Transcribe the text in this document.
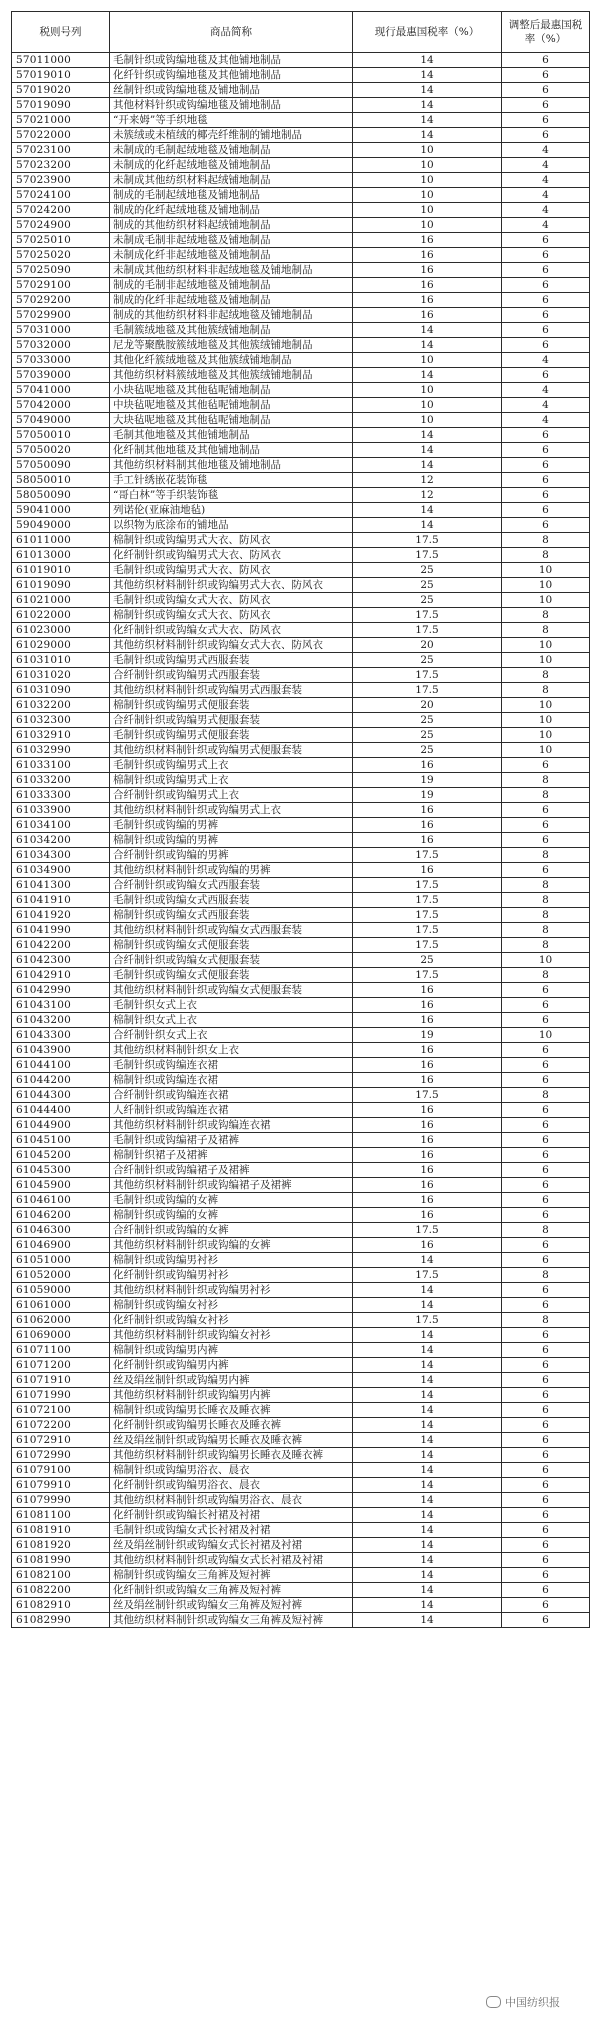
税则号列	商品简称	现行最惠国税率（%）	调整后最惠国税率（%）
57011000	毛制针织或钩编地毯及其他铺地制品	14	6
57019010	化纤针织或钩编地毯及其他铺地制品	14	6
57019020	丝制针织或钩编地毯及铺地制品	14	6
57019090	其他材料针织或钩编地毯及铺地制品	14	6
57021000	“开来姆”等手织地毯	14	6
57022000	未簇绒或未植绒的椰壳纤维制的铺地制品	14	6
57023100	未制成的毛制起绒地毯及铺地制品	10	4
57023200	未制成的化纤起绒地毯及铺地制品	10	4
57023900	未制成其他纺织材料起绒铺地制品	10	4
57024100	制成的毛制起绒地毯及铺地制品	10	4
57024200	制成的化纤起绒地毯及铺地制品	10	4
57024900	制成的其他纺织材料起绒铺地制品	10	4
57025010	未制成毛制非起绒地毯及铺地制品	16	6
57025020	未制成化纤非起绒地毯及铺地制品	16	6
57025090	未制成其他纺织材料非起绒地毯及铺地制品	16	6
57029100	制成的毛制非起绒地毯及铺地制品	16	6
57029200	制成的化纤非起绒地毯及铺地制品	16	6
57029900	制成的其他纺织材料非起绒地毯及铺地制品	16	6
57031000	毛制簇绒地毯及其他簇绒铺地制品	14	6
57032000	尼龙等聚酰胺簇绒地毯及其他簇绒铺地制品	14	6
57033000	其他化纤簇绒地毯及其他簇绒铺地制品	10	4
57039000	其他纺织材料簇绒地毯及其他簇绒铺地制品	14	6
57041000	小块毡呢地毯及其他毡呢铺地制品	10	4
57042000	中块毡呢地毯及其他毡呢铺地制品	10	4
57049000	大块毡呢地毯及其他毡呢铺地制品	10	4
57050010	毛制其他地毯及其他铺地制品	14	6
57050020	化纤制其他地毯及其他铺地制品	14	6
57050090	其他纺织材料制其他地毯及铺地制品	14	6
58050010	手工针绣嵌花装饰毯	12	6
58050090	“哥白林”等手织装饰毯	12	6
59041000	列诺伦(亚麻油地毡)	14	6
59049000	以织物为底涂布的铺地品	14	6
61011000	棉制针织或钩编男式大衣、防风衣	17.5	8
61013000	化纤制针织或钩编男式大衣、防风衣	17.5	8
61019010	毛制针织或钩编男式大衣、防风衣	25	10
61019090	其他纺织材料制针织或钩编男式大衣、防风衣	25	10
61021000	毛制针织或钩编女式大衣、防风衣	25	10
61022000	棉制针织或钩编女式大衣、防风衣	17.5	8
61023000	化纤制针织或钩编女式大衣、防风衣	17.5	8
61029000	其他纺织材料制针织或钩编女式大衣、防风衣	20	10
61031010	毛制针织或钩编男式西服套装	25	10
61031020	合纤制针织或钩编男式西服套装	17.5	8
61031090	其他纺织材料制针织或钩编男式西服套装	17.5	8
61032200	棉制针织或钩编男式便服套装	20	10
61032300	合纤制针织或钩编男式便服套装	25	10
61032910	毛制针织或钩编男式便服套装	25	10
61032990	其他纺织材料制针织或钩编男式便服套装	25	10
61033100	毛制针织或钩编男式上衣	16	6
61033200	棉制针织或钩编男式上衣	19	8
61033300	合纤制针织或钩编男式上衣	19	8
61033900	其他纺织材料制针织或钩编男式上衣	16	6
61034100	毛制针织或钩编的男裤	16	6
61034200	棉制针织或钩编的男裤	16	6
61034300	合纤制针织或钩编的男裤	17.5	8
61034900	其他纺织材料制针织或钩编的男裤	16	6
61041300	合纤制针织或钩编女式西服套装	17.5	8
61041910	毛制针织或钩编女式西服套装	17.5	8
61041920	棉制针织或钩编女式西服套装	17.5	8
61041990	其他纺织材料制针织或钩编女式西服套装	17.5	8
61042200	棉制针织或钩编女式便服套装	17.5	8
61042300	合纤制针织或钩编女式便服套装	25	10
61042910	毛制针织或钩编女式便服套装	17.5	8
61042990	其他纺织材料制针织或钩编女式便服套装	16	6
61043100	毛制针织女式上衣	16	6
61043200	棉制针织女式上衣	16	6
61043300	合纤制针织女式上衣	19	10
61043900	其他纺织材料制针织女上衣	16	6
61044100	毛制针织或钩编连衣裙	16	6
61044200	棉制针织或钩编连衣裙	16	6
61044300	合纤制针织或钩编连衣裙	17.5	8
61044400	人纤制针织或钩编连衣裙	16	6
61044900	其他纺织材料制针织或钩编连衣裙	16	6
61045100	毛制针织或钩编裙子及裙裤	16	6
61045200	棉制针织裙子及裙裤	16	6
61045300	合纤制针织或钩编裙子及裙裤	16	6
61045900	其他纺织材料制针织或钩编裙子及裙裤	16	6
61046100	毛制针织或钩编的女裤	16	6
61046200	棉制针织或钩编的女裤	16	6
61046300	合纤制针织或钩编的女裤	17.5	8
61046900	其他纺织材料制针织或钩编的女裤	16	6
61051000	棉制针织或钩编男衬衫	14	6
61052000	化纤制针织或钩编男衬衫	17.5	8
61059000	其他纺织材料制针织或钩编男衬衫	14	6
61061000	棉制针织或钩编女衬衫	14	6
61062000	化纤制针织或钩编女衬衫	17.5	8
61069000	其他纺织材料制针织或钩编女衬衫	14	6
61071100	棉制针织或钩编男内裤	14	6
61071200	化纤制针织或钩编男内裤	14	6
61071910	丝及绢丝制针织或钩编男内裤	14	6
61071990	其他纺织材料制针织或钩编男内裤	14	6
61072100	棉制针织或钩编男长睡衣及睡衣裤	14	6
61072200	化纤制针织或钩编男长睡衣及睡衣裤	14	6
61072910	丝及绢丝制针织或钩编男长睡衣及睡衣裤	14	6
61072990	其他纺织材料制针织或钩编男长睡衣及睡衣裤	14	6
61079100	棉制针织或钩编男浴衣、晨衣	14	6
61079910	化纤制针织或钩编男浴衣、晨衣	14	6
61079990	其他纺织材料制针织或钩编男浴衣、晨衣	14	6
61081100	化纤制针织或钩编长衬裙及衬裙	14	6
61081910	毛制针织或钩编女式长衬裙及衬裙	14	6
61081920	丝及绢丝制针织或钩编女式长衬裙及衬裙	14	6
61081990	其他纺织材料制针织或钩编女式长衬裙及衬裙	14	6
61082100	棉制针织或钩编女三角裤及短衬裤	14	6
61082200	化纤制针织或钩编女三角裤及短衬裤	14	6
61082910	丝及绢丝制针织或钩编女三角裤及短衬裤	14	6
61082990	其他纺织材料制针织或钩编女三角裤及短衬裤	14	6
中国纺织报
